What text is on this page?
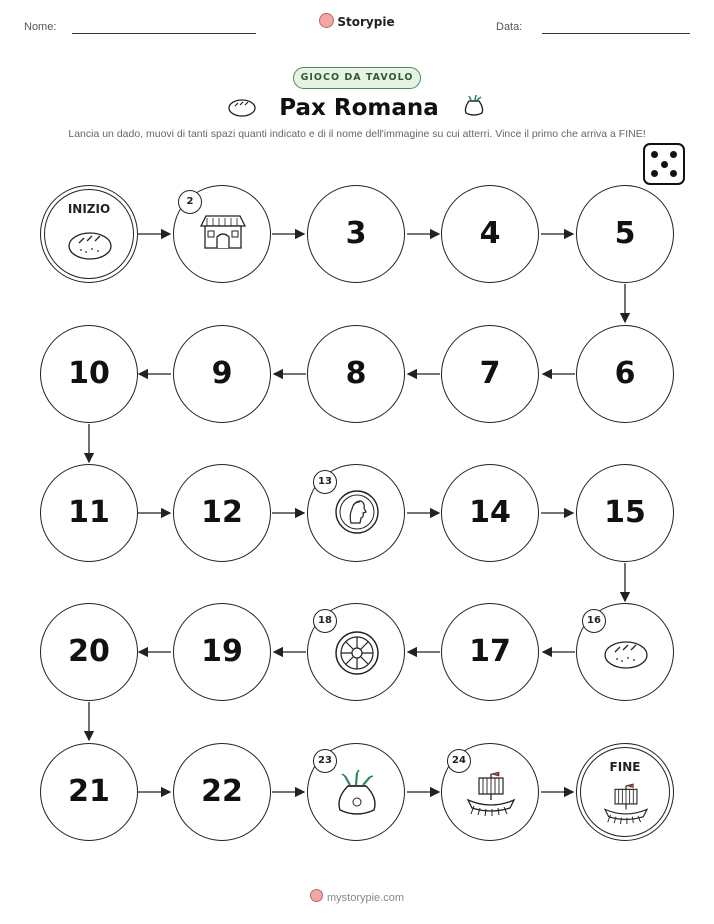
Nome:	Storypie	Data:
GIOCO DA TAVOLO
Pax Romana
Lancia un dado, muovi di tanti spazi quanti indicato e di il nome dell'immagine su cui atterri. Vince il primo che arriva a FINE!
INIZIO
2
3	4	5
6
7
8
9
10
11	12
13
14	15
16
17
18
19
20
21	22
23	24	FINE
mystorypie.com
